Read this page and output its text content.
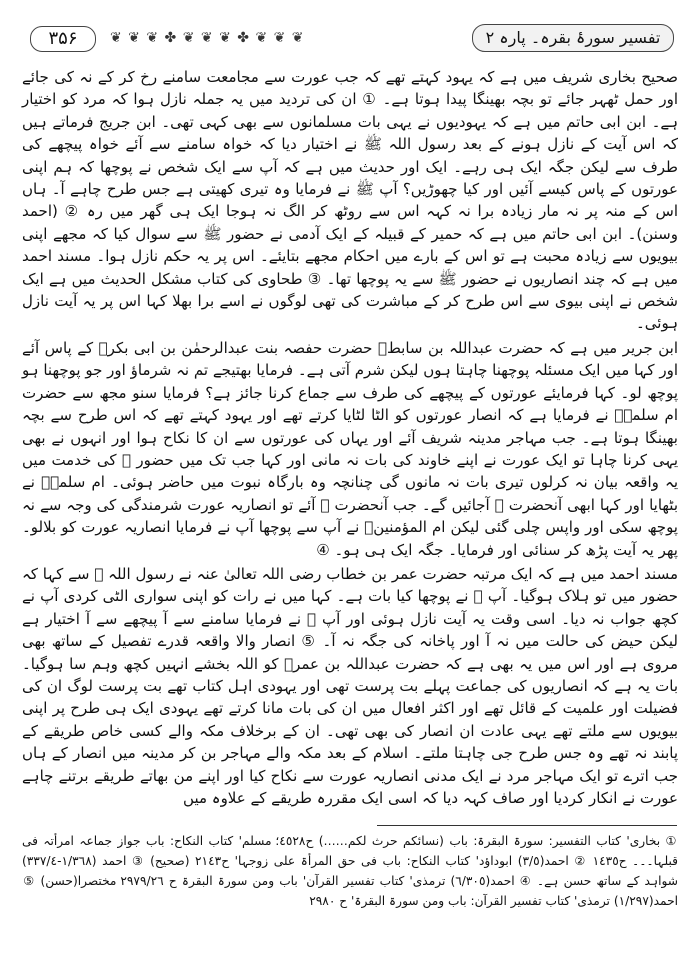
۳۵۶	❦ ❦ ❦ ✤ ❦ ❦ ❦ ✤ ❦ ❦ ❦	تفسیر سورۂ بقرہ۔ پارہ ۲

صحیح بخاری شریف میں ہے کہ یہود کہتے تھے کہ جب عورت سے مجامعت سامنے رخ کر کے نہ کی جائے اور حمل ٹھہر جائے تو بچہ بھینگا پیدا ہوتا ہے۔ ① ان کی تردید میں یہ جملہ نازل ہوا کہ مرد کو اختیار ہے۔ ابن ابی حاتم میں ہے کہ یہودیوں نے یہی بات مسلمانوں سے بھی کہی تھی۔ ابن جریج فرماتے ہیں کہ اس آیت کے نازل ہونے کے بعد رسول اللہ ﷺ نے اختیار دیا کہ خواہ سامنے سے آئے خواہ پیچھے کی طرف سے لیکن جگہ ایک ہی رہے۔ ایک اور حدیث میں ہے کہ آپ سے ایک شخص نے پوچھا کہ ہم اپنی عورتوں کے پاس کیسے آئیں اور کیا چھوڑیں؟ آپ ﷺ نے فرمایا وہ تیری کھیتی ہے جس طرح چاہے آ۔ ہاں اس کے منہ پر نہ مار زیادہ برا نہ کہہ اس سے روٹھ کر الگ نہ ہوجا ایک ہی گھر میں رہ ② (احمد وسنن)۔ ابن ابی حاتم میں ہے کہ حمیر کے قبیلہ کے ایک آدمی نے حضور ﷺ سے سوال کیا کہ مجھے اپنی بیویوں سے زیادہ محبت ہے تو اس کے بارے میں احکام مجھے بتایئے۔ اس پر یہ حکم نازل ہوا۔ مسند احمد میں ہے کہ چند انصاریوں نے حضور ﷺ سے یہ پوچھا تھا۔ ③ طحاوی کی کتاب مشکل الحدیث میں ہے ایک شخص نے اپنی بیوی سے اس طرح کر کے مباشرت کی تھی لوگوں نے اسے برا بھلا کہا اس پر یہ آیت نازل ہوئی۔

ابن جریر میں ہے کہ حضرت عبداللہ بن سابطؒ حضرت حفصہ بنت عبدالرحمٰن بن ابی بکرؓ کے پاس آئے اور کہا میں ایک مسئلہ پوچھنا چاہتا ہوں لیکن شرم آتی ہے۔ فرمایا بھتیجے تم نہ شرماؤ اور جو پوچھنا ہو پوچھ لو۔ کہا فرمایئے عورتوں کے پیچھے کی طرف سے جماع کرنا جائز ہے؟ فرمایا سنو مجھ سے حضرت ام سلمہؓ نے فرمایا ہے کہ انصار عورتوں کو الٹا لٹایا کرتے تھے اور یہود کہتے تھے کہ اس طرح سے بچہ بھینگا ہوتا ہے۔ جب مہاجر مدینہ شریف آئے اور یہاں کی عورتوں سے ان کا نکاح ہوا اور انہوں نے بھی یہی کرنا چاہا تو ایک عورت نے اپنے خاوند کی بات نہ مانی اور کہا جب تک میں حضور ﷺ کی خدمت میں یہ واقعہ بیان نہ کرلوں تیری بات نہ مانوں گی چنانچہ وہ بارگاہ نبوت میں حاضر ہوئی۔ ام سلمہؓ نے بٹھایا اور کہا ابھی آنحضرت ﷺ آجائیں گے۔ جب آنحضرت ﷺ آئے تو انصاریہ عورت شرمندگی کی وجہ سے نہ پوچھ سکی اور واپس چلی گئی لیکن ام المؤمنینؓ نے آپ سے پوچھا آپ نے فرمایا انصاریہ عورت کو بلالو۔ پھر یہ آیت پڑھ کر سنائی اور فرمایا۔ جگہ ایک ہی ہو۔ ④

مسند احمد میں ہے کہ ایک مرتبہ حضرت عمر بن خطاب رضی اللہ تعالیٰ عنہ نے رسول اللہ ﷺ سے کہا کہ حضور میں تو ہلاک ہوگیا۔ آپ ﷺ نے پوچھا کیا بات ہے۔ کہا میں نے رات کو اپنی سواری الٹی کردی آپ نے کچھ جواب نہ دیا۔ اسی وقت یہ آیت نازل ہوئی اور آپ ﷺ نے فرمایا سامنے سے آ پیچھے سے آ اختیار ہے لیکن حیض کی حالت میں نہ آ اور پاخانہ کی جگہ نہ آ۔ ⑤ انصار والا واقعہ قدرے تفصیل کے ساتھ بھی مروی ہے اور اس میں یہ بھی ہے کہ حضرت عبداللہ بن عمرؓ کو اللہ بخشے انہیں کچھ وہم سا ہوگیا۔ بات یہ ہے کہ انصاریوں کی جماعت پہلے بت پرست تھی اور یہودی اہل کتاب تھے بت پرست لوگ ان کی فضیلت اور علمیت کے قائل تھے اور اکثر افعال میں ان کی بات مانا کرتے تھے یہودی ایک ہی طرح پر اپنی بیویوں سے ملتے تھے یہی عادت ان انصار کی بھی تھی۔ ان کے برخلاف مکہ والے کسی خاص طریقے کے پابند نہ تھے وہ جس طرح جی چاہتا ملتے۔ اسلام کے بعد مکہ والے مہاجر بن کر مدینہ میں انصار کے ہاں جب اترے تو ایک مہاجر مرد نے ایک مدنی انصاریہ عورت سے نکاح کیا اور اپنے من بھاتے طریقے برتنے چاہے عورت نے انکار کردیا اور صاف کہہ دیا کہ اسی ایک مقررہ طریقے کے علاوہ میں

① بخاری' کتاب التفسیر: سورۃ البقرۃ: باب (نسائکم حرث لکم……) ح٤٥٢٨؛ مسلم' کتاب النکاح: باب جواز جماعہ امرأتہ فی قبلہا۔۔۔ ح١٤٣٥ ② احمد(٣/٥) ابوداؤد' کتاب النکاح: باب فی حق المرأۃ علی زوجہا' ح٢١٤٣ (صحیح) ③ احمد (١/٣٦٨-٣٣٧/٤) شواہد کے ساتھ حسن ہے۔ ④ احمد(٦/٣٠٥) ترمذی' کتاب تفسیر القرآن' باب ومن سورۃ البقرۃ ح ٢٩٧٩/٢٦ مختصرا(حسن) ⑤ احمد(١/٢٩٧) ترمذی' کتاب تفسیر القرآن: باب ومن سورۃ البقرۃ' ح ٢٩٨٠
